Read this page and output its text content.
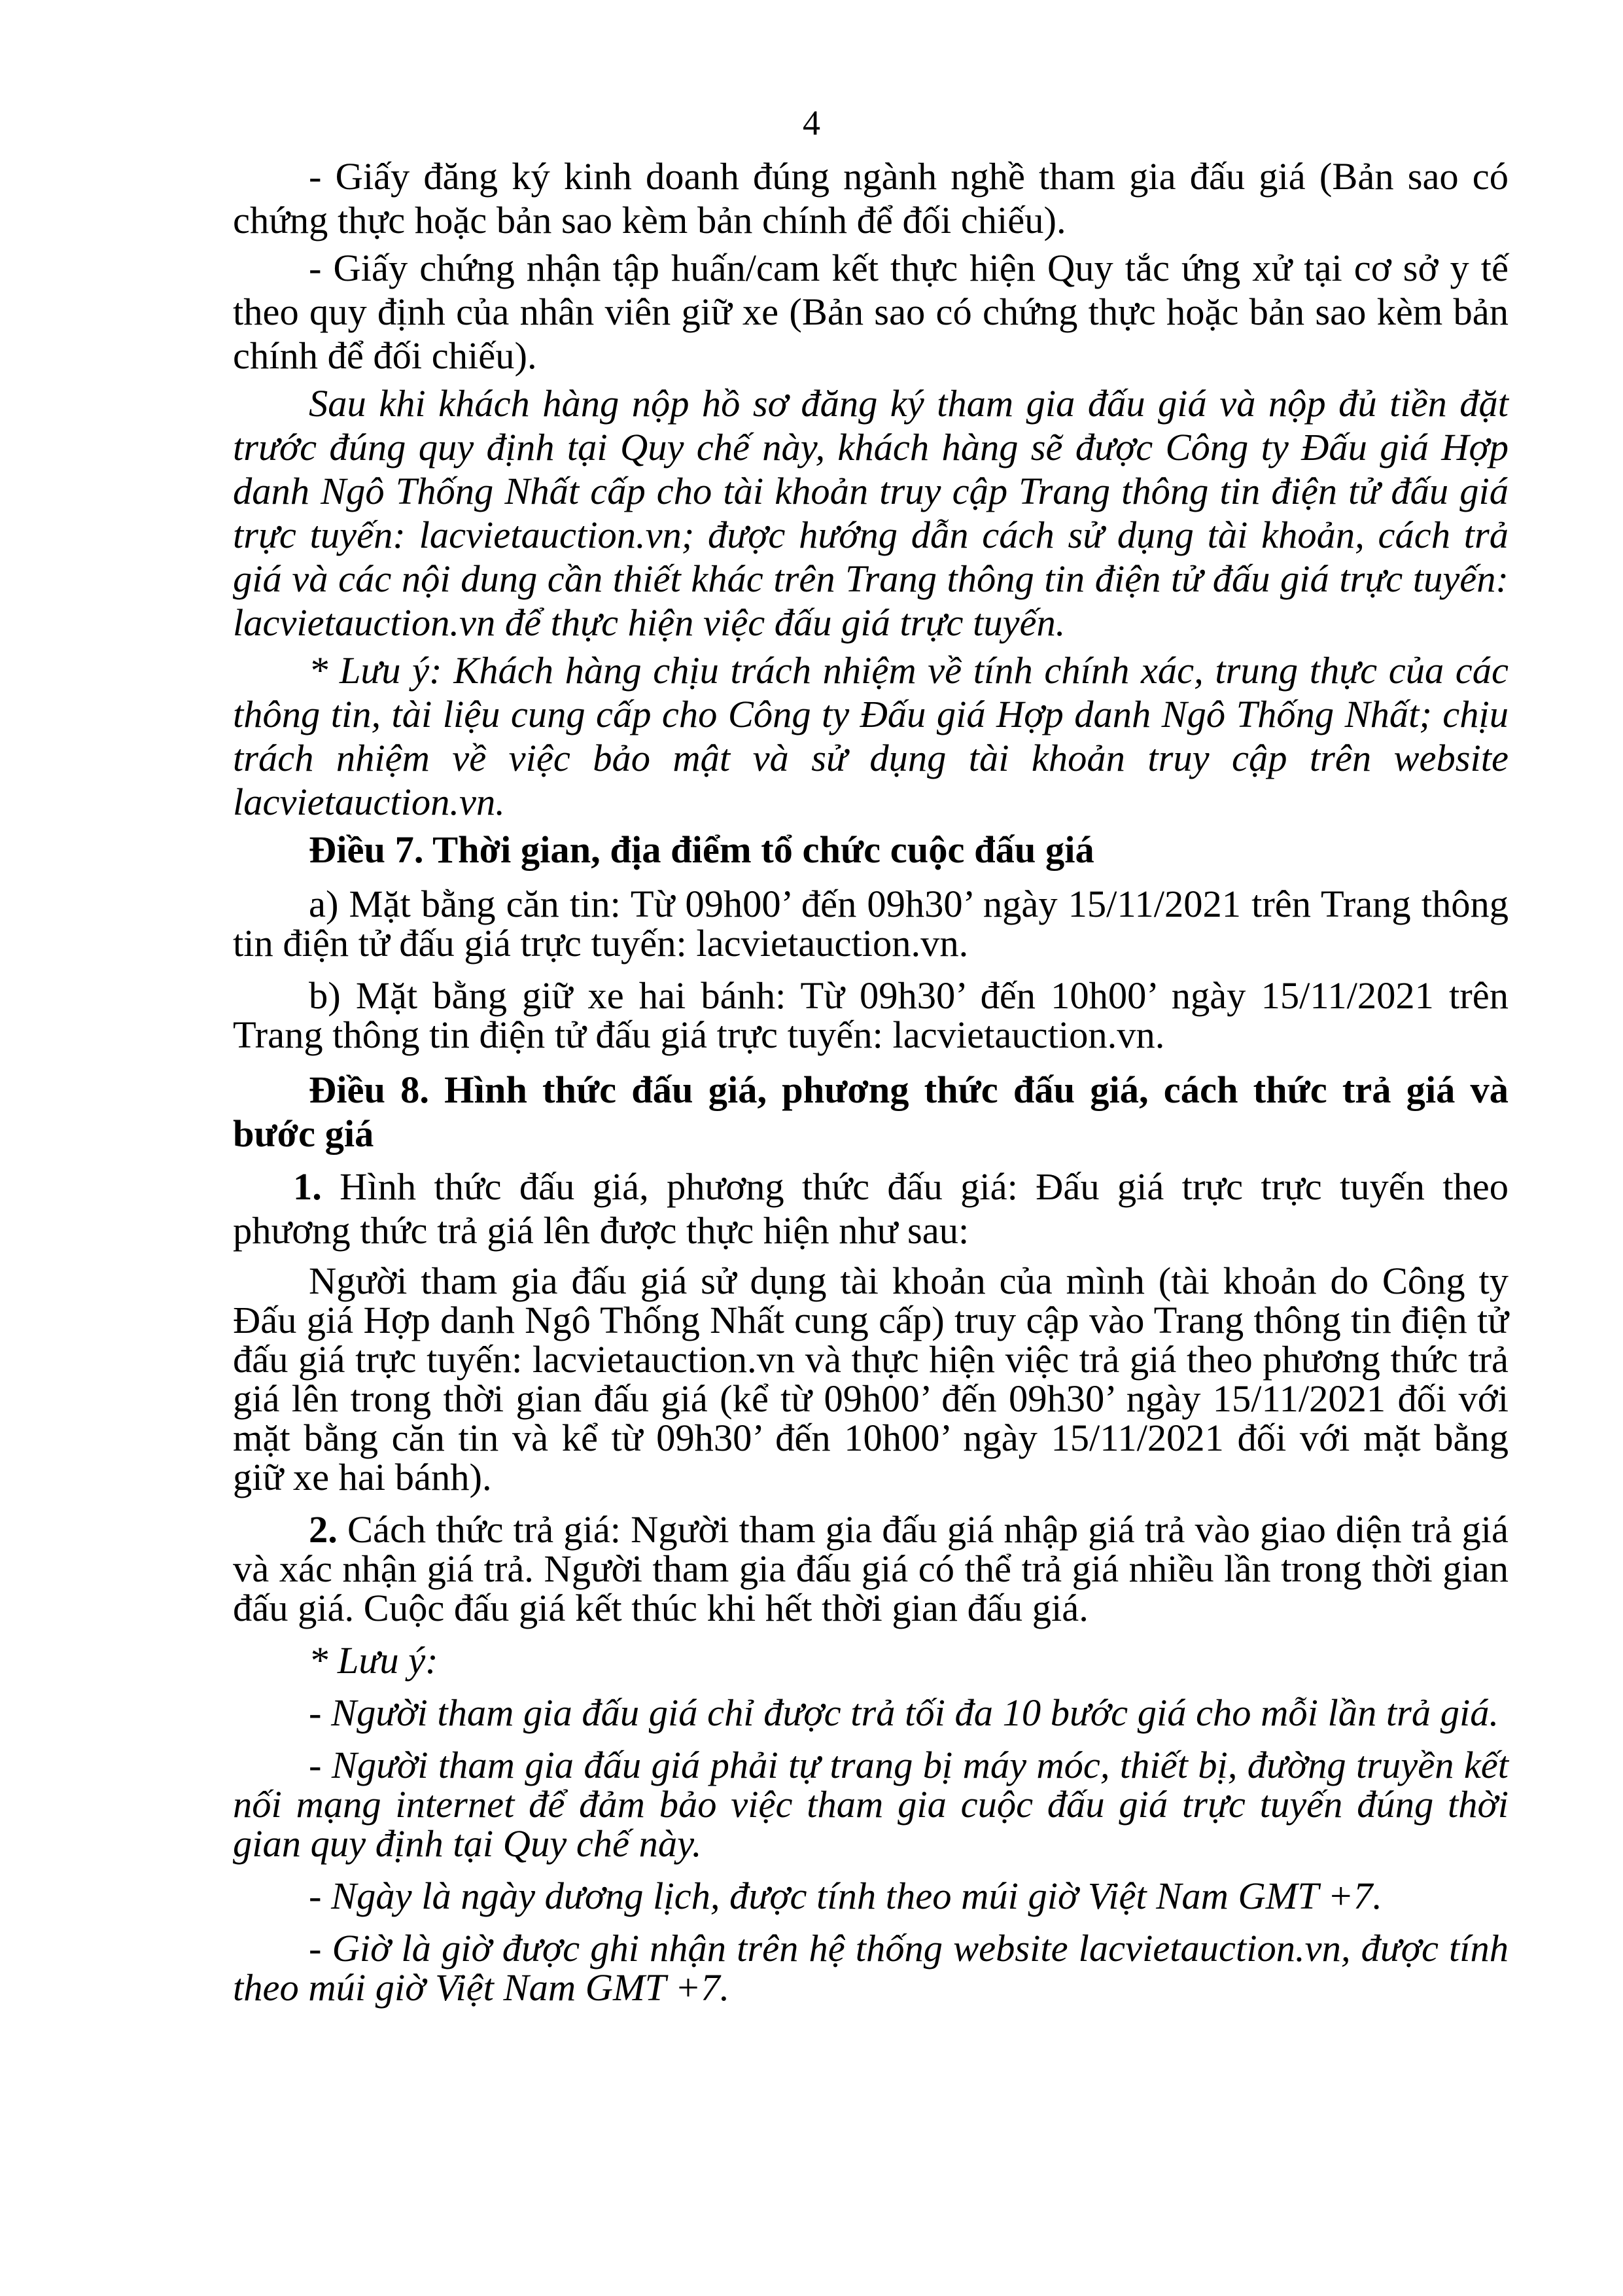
4

- Giấy đăng ký kinh doanh đúng ngành nghề tham gia đấu giá (Bản sao có chứng thực hoặc bản sao kèm bản chính để đối chiếu).

- Giấy chứng nhận tập huấn/cam kết thực hiện Quy tắc ứng xử tại cơ sở y tế theo quy định của nhân viên giữ xe (Bản sao có chứng thực hoặc bản sao kèm bản chính để đối chiếu).

Sau khi khách hàng nộp hồ sơ đăng ký tham gia đấu giá và nộp đủ tiền đặt trước đúng quy định tại Quy chế này, khách hàng sẽ được Công ty Đấu giá Hợp danh Ngô Thống Nhất cấp cho tài khoản truy cập Trang thông tin điện tử đấu giá trực tuyến: lacvietauction.vn; được hướng dẫn cách sử dụng tài khoản, cách trả giá và các nội dung cần thiết khác trên Trang thông tin điện tử đấu giá trực tuyến: lacvietauction.vn để thực hiện việc đấu giá trực tuyến.

* Lưu ý: Khách hàng chịu trách nhiệm về tính chính xác, trung thực của các thông tin, tài liệu cung cấp cho Công ty Đấu giá Hợp danh Ngô Thống Nhất; chịu trách nhiệm về việc bảo mật và sử dụng tài khoản truy cập trên website lacvietauction.vn.

Điều 7. Thời gian, địa điểm tổ chức cuộc đấu giá

a) Mặt bằng căn tin: Từ 09h00’ đến 09h30’ ngày 15/11/2021 trên Trang thông tin điện tử đấu giá trực tuyến: lacvietauction.vn.

b) Mặt bằng giữ xe hai bánh: Từ 09h30’ đến 10h00’ ngày 15/11/2021 trên Trang thông tin điện tử đấu giá trực tuyến: lacvietauction.vn.

Điều 8. Hình thức đấu giá, phương thức đấu giá, cách thức trả giá và bước giá

1. Hình thức đấu giá, phương thức đấu giá: Đấu giá trực trực tuyến theo phương thức trả giá lên được thực hiện như sau:

Người tham gia đấu giá sử dụng tài khoản của mình (tài khoản do Công ty Đấu giá Hợp danh Ngô Thống Nhất cung cấp) truy cập vào Trang thông tin điện tử đấu giá trực tuyến: lacvietauction.vn và thực hiện việc trả giá theo phương thức trả giá lên trong thời gian đấu giá (kể từ 09h00’ đến 09h30’ ngày 15/11/2021 đối với mặt bằng căn tin và kể từ 09h30’ đến 10h00’ ngày 15/11/2021 đối với mặt bằng giữ xe hai bánh).

2. Cách thức trả giá: Người tham gia đấu giá nhập giá trả vào giao diện trả giá và xác nhận giá trả. Người tham gia đấu giá có thể trả giá nhiều lần trong thời gian đấu giá. Cuộc đấu giá kết thúc khi hết thời gian đấu giá.

* Lưu ý:

- Người tham gia đấu giá chỉ được trả tối đa 10 bước giá cho mỗi lần trả giá.

- Người tham gia đấu giá phải tự trang bị máy móc, thiết bị, đường truyền kết nối mạng internet để đảm bảo việc tham gia cuộc đấu giá trực tuyến đúng thời gian quy định tại Quy chế này.

- Ngày là ngày dương lịch, được tính theo múi giờ Việt Nam GMT +7.

- Giờ là giờ được ghi nhận trên hệ thống website lacvietauction.vn, được tính theo múi giờ Việt Nam GMT +7.
